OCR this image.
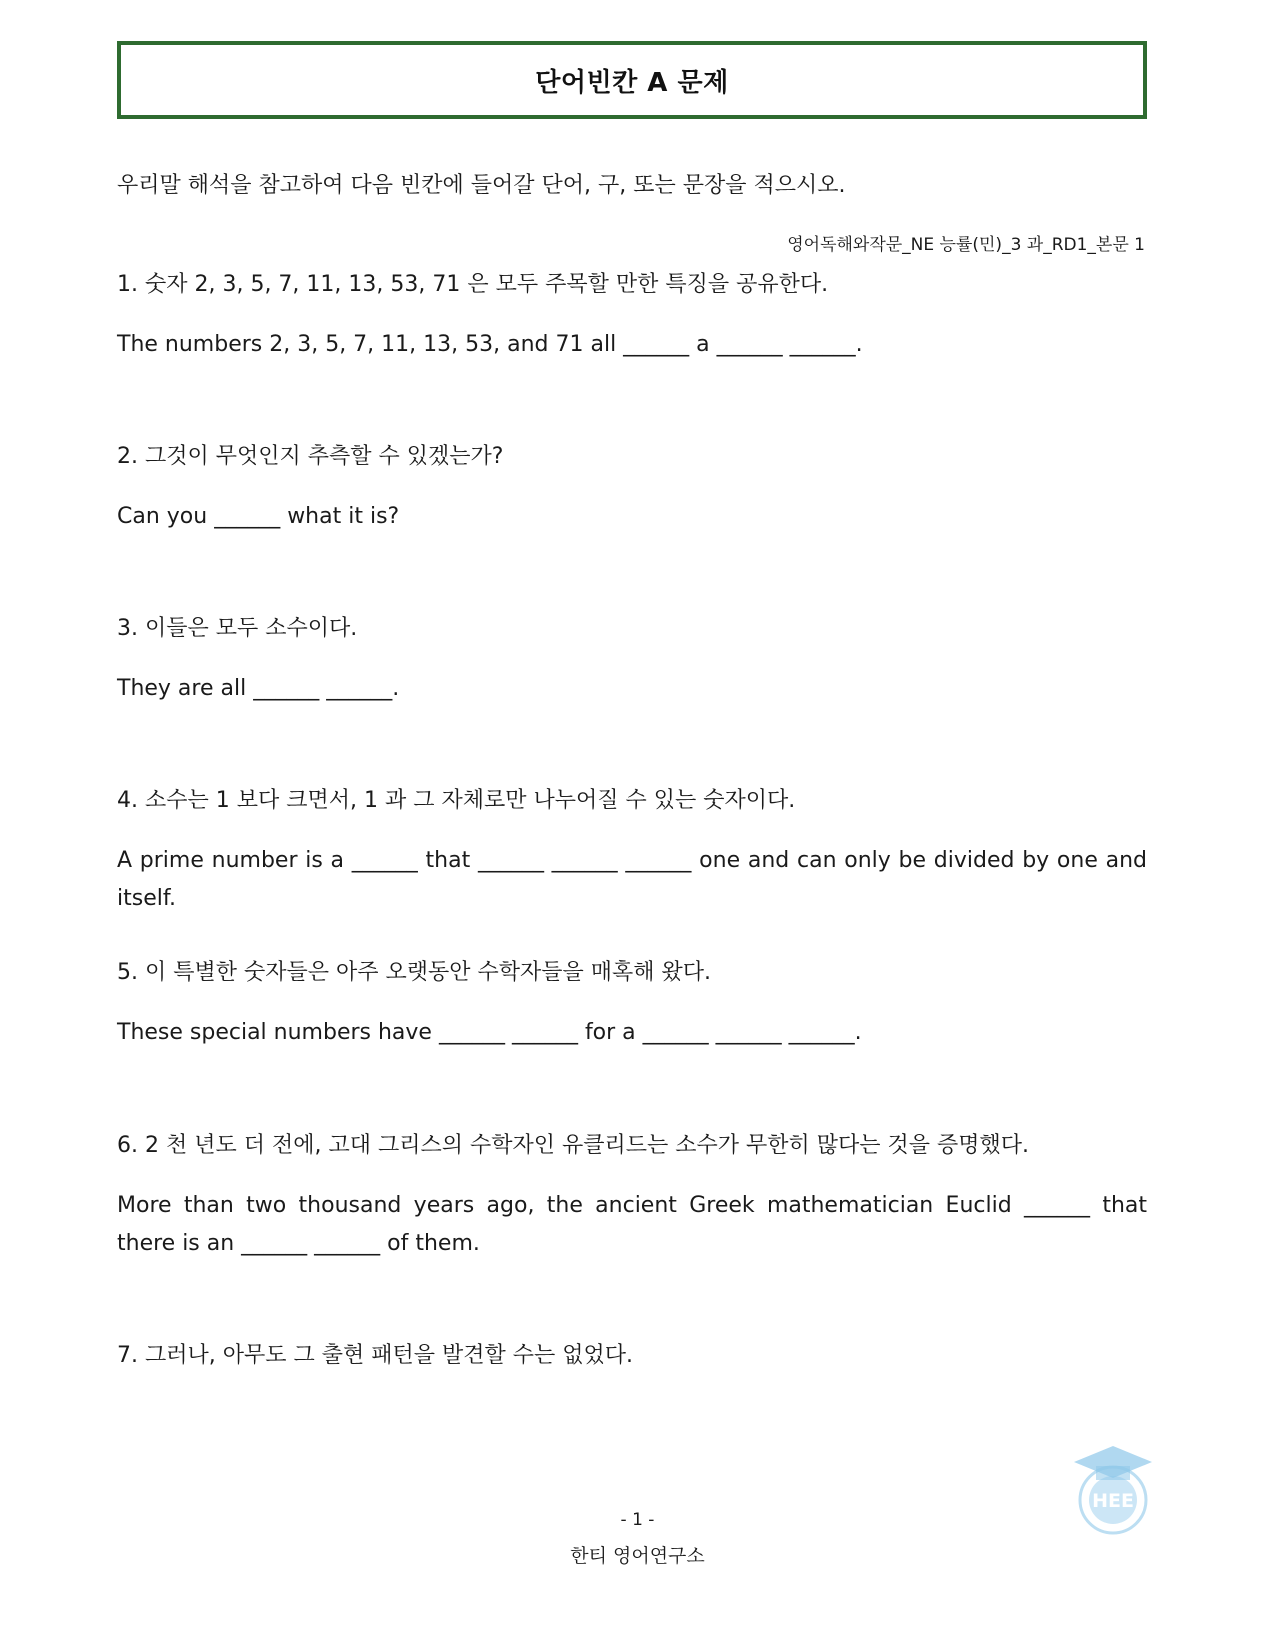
단어빈칸 A 문제
우리말 해석을 참고하여 다음 빈칸에 들어갈 단어, 구, 또는 문장을 적으시오.
영어독해와작문_NE 능률(민)_3 과_RD1_본문 1
1. 숫자 2, 3, 5, 7, 11, 13, 53, 71 은 모두 주목할 만한 특징을 공유한다.
The numbers 2, 3, 5, 7, 11, 13, 53, and 71 all ______ a ______ ______.
2. 그것이 무엇인지 추측할 수 있겠는가?
Can you ______ what it is?
3. 이들은 모두 소수이다.
They are all ______ ______.
4. 소수는 1 보다 크면서, 1 과 그 자체로만 나누어질 수 있는 숫자이다.
A prime number is a ______ that ______ ______ ______ one and can only be divided by one and itself.
5. 이 특별한 숫자들은 아주 오랫동안 수학자들을 매혹해 왔다.
These special numbers have ______ ______ for a ______ ______ ______.
6. 2 천 년도 더 전에, 고대 그리스의 수학자인 유클리드는 소수가 무한히 많다는 것을 증명했다.
More than two thousand years ago, the ancient Greek mathematician Euclid ______ that there is an ______ ______ of them.
7. 그러나, 아무도 그 출현 패턴을 발견할 수는 없었다.
HEE
- 1 -
한티 영어연구소
